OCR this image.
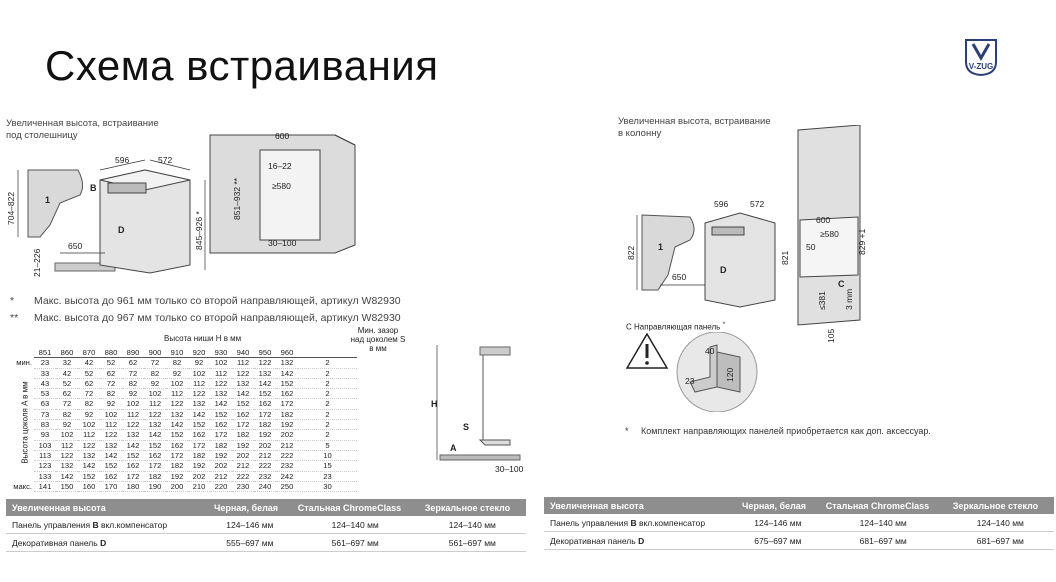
Схема встраивания	V-ZUG
Увеличенная высота, встраивание
под столешницу
1
704–822
21–226
B
D
596	572
650	845–926 *
600
851–932 **
16–22
≥580
30–100
* Макс. высота до 961 мм только со второй направляющей, артикул W82930
** Макс. высота до 967 мм только со второй направляющей, артикул W82930
Высота ниши H в мм
Мин. зазор
над цоколем S
в мм
Высота цоколя A в мм
	851	860	870	880	890	900	910	920	930	940	950	960	
мин.	23	32	42	52	62	72	82	92	102	112	122	132	2
	33	42	52	62	72	82	92	102	112	122	132	142	2
	43	52	62	72	82	92	102	112	122	132	142	152	2
	53	62	72	82	92	102	112	122	132	142	152	162	2
	63	72	82	92	102	112	122	132	142	152	162	172	2
	73	82	92	102	112	122	132	142	152	162	172	182	2
	83	92	102	112	122	132	142	152	162	172	182	192	2
	93	102	112	122	132	142	152	162	172	182	192	202	2
	103	112	122	132	142	152	162	172	182	192	202	212	5
	113	122	132	142	152	162	172	182	192	202	212	222	10
	123	132	142	152	162	172	182	192	202	212	222	232	15
	133	142	152	162	172	182	192	202	212	222	232	242	23
макс.	141	150	160	170	180	190	200	210	220	230	240	250	30
H
S
A
30–100
Увеличенная высота, встраивание
в колонну
600
≥580
50	829 +1
821
C
3 mm
≤381
105
1
822
D
596	572
650
C Направляющая панель *
40
120
23
* Комплект направляющих панелей приобретается как доп. аксессуар.
Увеличенная высота	Черная, белая	Стальная ChromeClass	Зеркальное стекло
Панель управления B вкл.компенсатор	124–146 мм	124–140 мм	124–140 мм
Декоративная панель D	555–697 мм	561–697 мм	561–697 мм
Увеличенная высота	Черная, белая	Стальная ChromeClass	Зеркальное стекло
Панель управления B вкл.компенсатор	124–146 мм	124–140 мм	124–140 мм
Декоративная панель D	675–697 мм	681–697 мм	681–697 мм
